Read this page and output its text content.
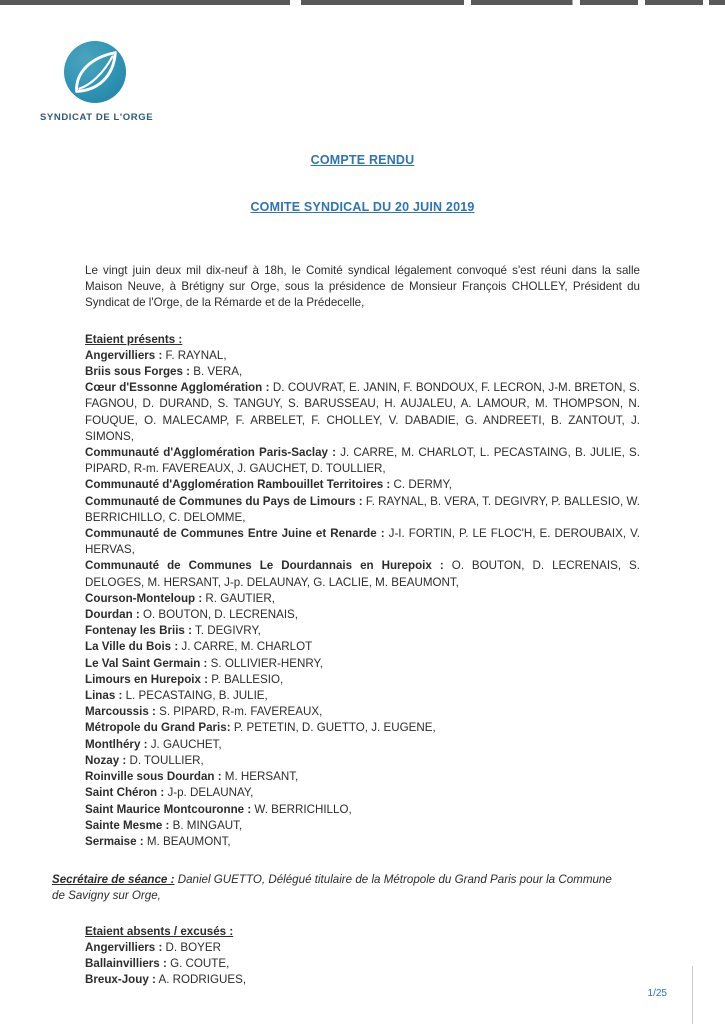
SYNDICAT DE L'ORGE
COMPTE RENDU
COMITE SYNDICAL DU 20 JUIN 2019

Le vingt juin deux mil dix-neuf à 18h, le Comité syndical légalement convoqué s'est réuni dans la salle Maison Neuve, à Brétigny sur Orge, sous la présidence de Monsieur François CHOLLEY, Président du Syndicat de l'Orge, de la Rémarde et de la Prédecelle,

Etaient présents :

Angervilliers : F. RAYNAL,

Briis sous Forges : B. VERA,

Cœur d'Essonne Agglomération : D. COUVRAT, E. JANIN, F. BONDOUX, F. LECRON, J-M. BRETON, S. FAGNOU, D. DURAND, S. TANGUY, S. BARUSSEAU, H. AUJALEU, A. LAMOUR, M. THOMPSON, N. FOUQUE, O. MALECAMP, F. ARBELET, F. CHOLLEY, V. DABADIE, G. ANDREETI, B. ZANTOUT, J. SIMONS,

Communauté d'Agglomération Paris-Saclay : J. CARRE, M. CHARLOT, L. PECASTAING, B. JULIE, S. PIPARD, R-m. FAVEREAUX, J. GAUCHET, D. TOULLIER,

Communauté d'Agglomération Rambouillet Territoires : C. DERMY,

Communauté de Communes du Pays de Limours : F. RAYNAL, B. VERA, T. DEGIVRY, P. BALLESIO, W. BERRICHILLO, C. DELOMME,

Communauté de Communes Entre Juine et Renarde : J-I. FORTIN, P. LE FLOC'H, E. DEROUBAIX, V. HERVAS,

Communauté de Communes Le Dourdannais en Hurepoix : O. BOUTON, D. LECRENAIS, S. DELOGES, M. HERSANT, J-p. DELAUNAY, G. LACLIE, M. BEAUMONT,

Courson-Monteloup : R. GAUTIER,

Dourdan : O. BOUTON, D. LECRENAIS,

Fontenay les Briis : T. DEGIVRY,

La Ville du Bois : J. CARRE, M. CHARLOT

Le Val Saint Germain : S. OLLIVIER-HENRY,

Limours en Hurepoix : P. BALLESIO,

Linas : L. PECASTAING, B. JULIE,

Marcoussis : S. PIPARD, R-m. FAVEREAUX,

Métropole du Grand Paris: P. PETETIN, D. GUETTO, J. EUGENE,

Montlhéry : J. GAUCHET,

Nozay : D. TOULLIER,

Roinville sous Dourdan : M. HERSANT,

Saint Chéron : J-p. DELAUNAY,

Saint Maurice Montcouronne : W. BERRICHILLO,

Sainte Mesme : B. MINGAUT,

Sermaise : M. BEAUMONT,

Secrétaire de séance : Daniel GUETTO, Délégué titulaire de la Métropole du Grand Paris pour la Commune de Savigny sur Orge,

Etaient absents / excusés :

Angervilliers : D. BOYER

Ballainvilliers : G. COUTE,

Breux-Jouy : A. RODRIGUES,

1/25
